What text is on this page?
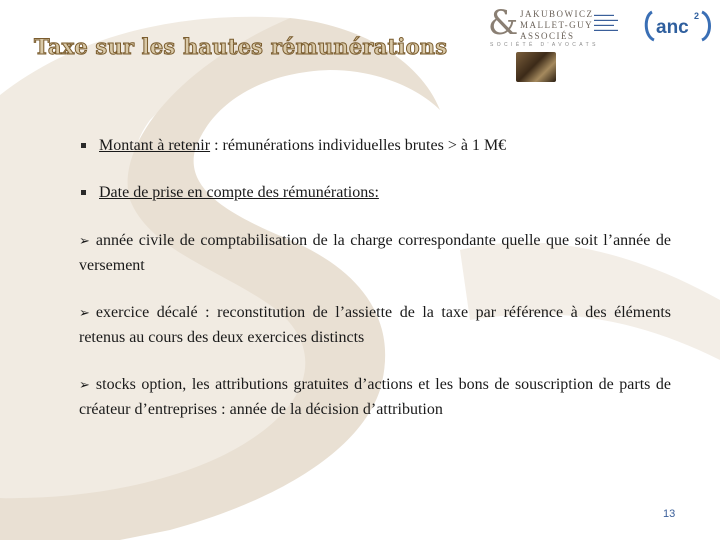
Taxe sur les hautes rémunérations
& JAKUBOWICZ
MALLET-GUY
ASSOCIÉS
SOCIÉTÉ D'AVOCATS
▬▬▬▬▬
▬▬▬▬▬▬
▬▬▬▬▬
▬▬▬▬▬▬	anc
2
Montant à retenir : rémunérations individuelles brutes > à 1 M€
Date de prise en compte des rémunérations:
➢ année civile de comptabilisation de la charge correspondante quelle que soit l’année de versement
➢ exercice décalé : reconstitution de l’assiette de la taxe par référence à des éléments retenus au cours des deux exercices distincts
➢ stocks option, les attributions gratuites d’actions et les bons de souscription de parts de créateur d’entreprises : année de la décision d’attribution
13
